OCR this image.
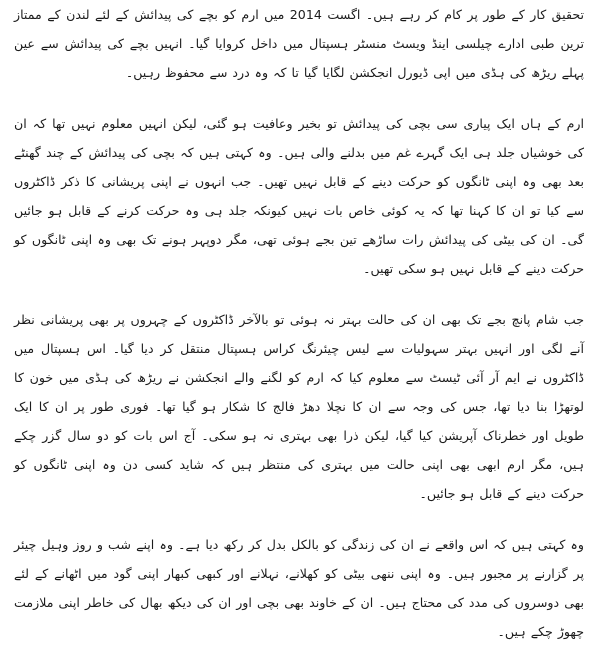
تحقیق کار کے طور پر کام کر رہے ہیں۔ اگست 2014 میں ارم کو بچے کی پیدائش کے لئے لندن کے ممتاز ترین طبی ادارے چیلسی اینڈ ویسٹ منسٹر ہسپتال میں داخل کروایا گیا۔ انہیں بچے کی پیدائش سے عین پہلے ریڑھ کی ہڈی میں اپی ڈیورل انجکشن لگایا گیا تا کہ وہ درد سے محفوظ رہیں۔

ارم کے ہاں ایک پیاری سی بچی کی پیدائش تو بخیر وعافیت ہو گئی، لیکن انہیں معلوم نہیں تھا کہ ان کی خوشیاں جلد ہی ایک گہرے غم میں بدلنے والی ہیں۔ وہ کہتی ہیں کہ بچی کی پیدائش کے چند گھنٹے بعد بھی وہ اپنی ٹانگوں کو حرکت دینے کے قابل نہیں تھیں۔ جب انہوں نے اپنی پریشانی کا ذکر ڈاکٹروں سے کیا تو ان کا کہنا تھا کہ یہ کوئی خاص بات نہیں کیونکہ جلد ہی وہ حرکت کرنے کے قابل ہو جائیں گی۔ ان کی بیٹی کی پیدائش رات ساڑھے تین بجے ہوئی تھی، مگر دوپہر ہونے تک بھی وہ اپنی ٹانگوں کو حرکت دینے کے قابل نہیں ہو سکی تھیں۔

جب شام پانچ بجے تک بھی ان کی حالت بہتر نہ ہوئی تو بالآخر ڈاکٹروں کے چہروں پر بھی پریشانی نظر آنے لگی اور انہیں بہتر سہولیات سے لیس چیئرنگ کراس ہسپتال منتقل کر دیا گیا۔ اس ہسپتال میں ڈاکٹروں نے ایم آر آئی ٹیسٹ سے معلوم کیا کہ ارم کو لگنے والے انجکشن نے ریڑھ کی ہڈی میں خون کا لوتھڑا بنا دیا تھا، جس کی وجہ سے ان کا نچلا دھڑ فالج کا شکار ہو گیا تھا۔ فوری طور پر ان کا ایک طویل اور خطرناک آپریشن کیا گیا، لیکن ذرا بھی بہتری نہ ہو سکی۔ آج اس بات کو دو سال گزر چکے ہیں، مگر ارم ابھی بھی اپنی حالت میں بہتری کی منتظر ہیں کہ شاید کسی دن وہ اپنی ٹانگوں کو حرکت دینے کے قابل ہو جائیں۔

وہ کہتی ہیں کہ اس واقعے نے ان کی زندگی کو بالکل بدل کر رکھ دیا ہے۔ وہ اپنے شب و روز وہیل چیئر پر گزارنے پر مجبور ہیں۔ وہ اپنی ننھی بیٹی کو کھلانے، نہلانے اور کبھی کبھار اپنی گود میں اٹھانے کے لئے بھی دوسروں کی مدد کی محتاج ہیں۔ ان کے خاوند بھی بچی اور ان کی دیکھ بھال کی خاطر اپنی ملازمت چھوڑ چکے ہیں۔
